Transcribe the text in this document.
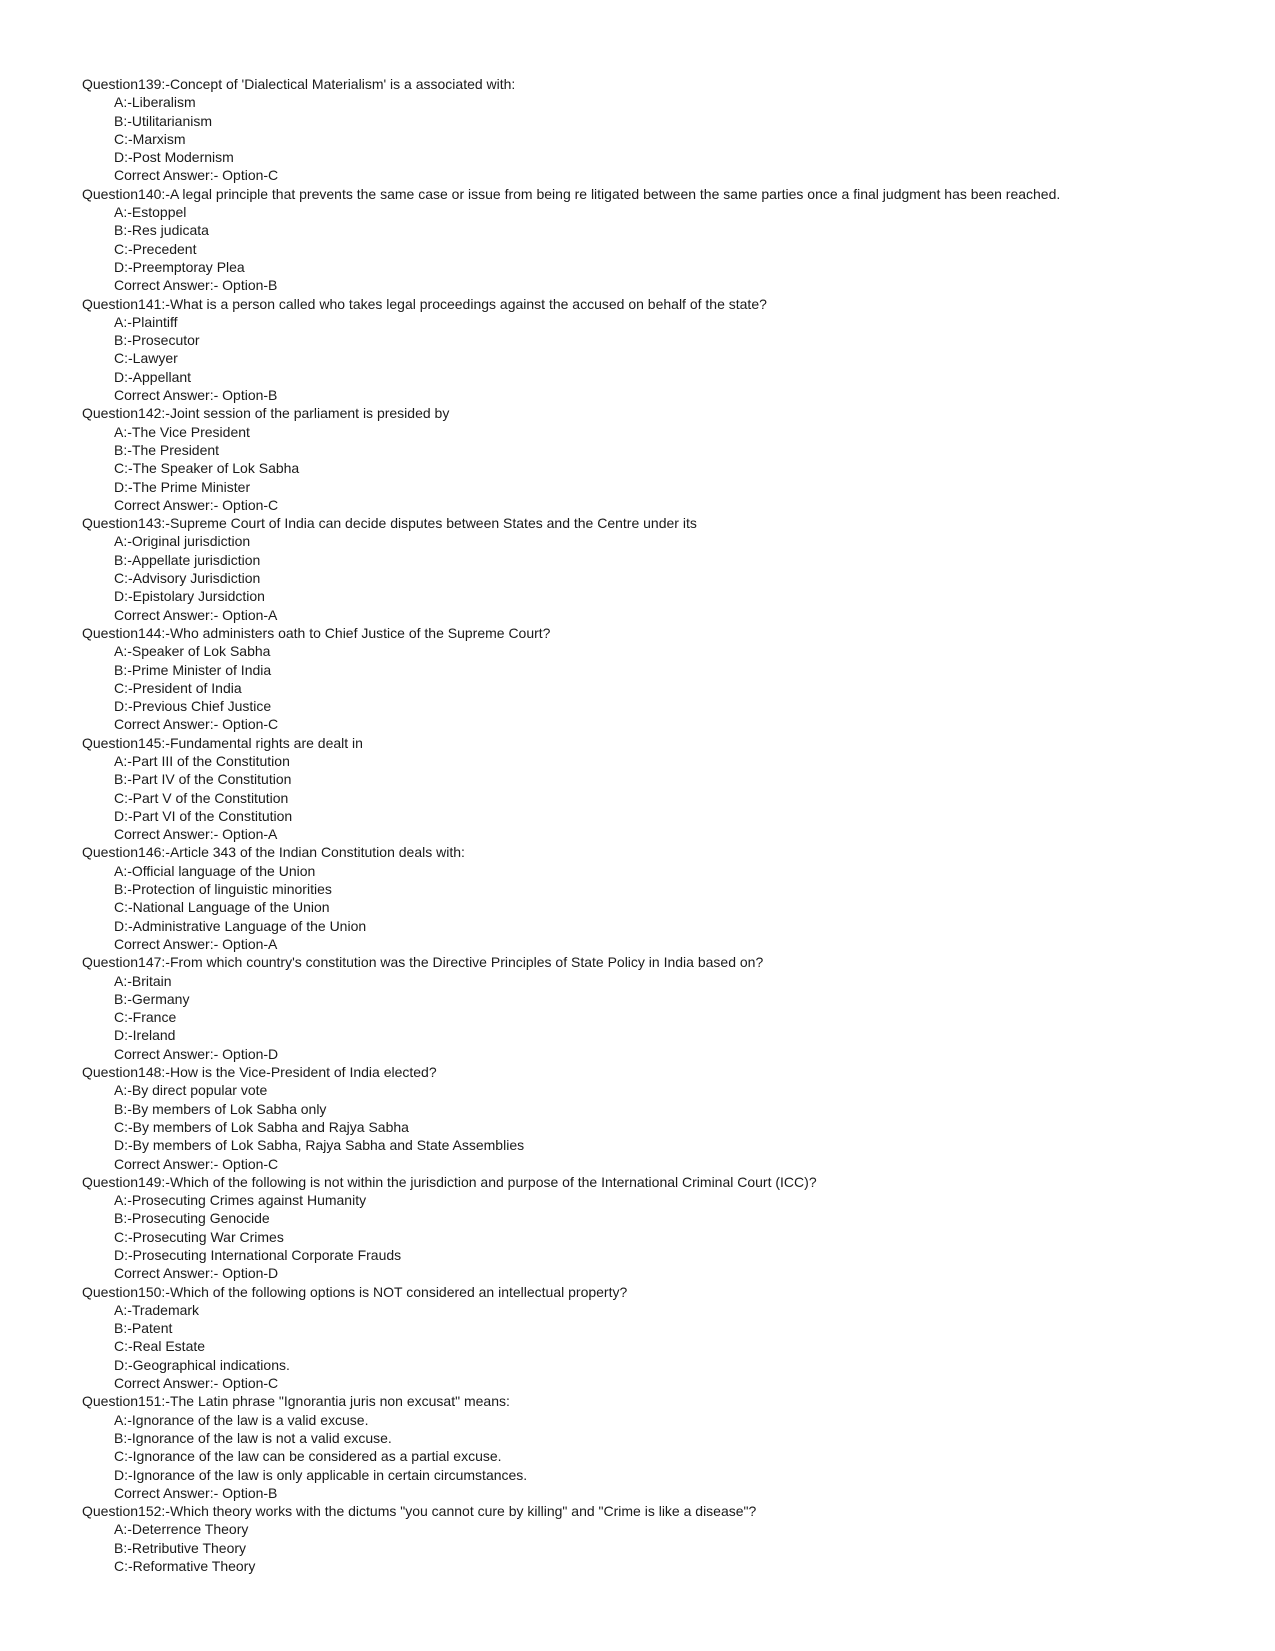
Question139:-Concept of 'Dialectical Materialism' is a associated with:
A:-Liberalism
B:-Utilitarianism
C:-Marxism
D:-Post Modernism
Correct Answer:- Option-C
Question140:-A legal principle that prevents the same case or issue from being re litigated between the same parties once a final judgment has been reached.
A:-Estoppel
B:-Res judicata
C:-Precedent
D:-Preemptoray Plea
Correct Answer:- Option-B
Question141:-What is a person called who takes legal proceedings against the accused on behalf of the state?
A:-Plaintiff
B:-Prosecutor
C:-Lawyer
D:-Appellant
Correct Answer:- Option-B
Question142:-Joint session of the parliament is presided by
A:-The Vice President
B:-The President
C:-The Speaker of Lok Sabha
D:-The Prime Minister
Correct Answer:- Option-C
Question143:-Supreme Court of India can decide disputes between States and the Centre under its
A:-Original jurisdiction
B:-Appellate jurisdiction
C:-Advisory Jurisdiction
D:-Epistolary Jursidction
Correct Answer:- Option-A
Question144:-Who administers oath to Chief Justice of the Supreme Court?
A:-Speaker of Lok Sabha
B:-Prime Minister of India
C:-President of India
D:-Previous Chief Justice
Correct Answer:- Option-C
Question145:-Fundamental rights are dealt in
A:-Part III of the Constitution
B:-Part IV of the Constitution
C:-Part V of the Constitution
D:-Part VI of the Constitution
Correct Answer:- Option-A
Question146:-Article 343 of the Indian Constitution deals with:
A:-Official language of the Union
B:-Protection of linguistic minorities
C:-National Language of the Union
D:-Administrative Language of the Union
Correct Answer:- Option-A
Question147:-From which country's constitution was the Directive Principles of State Policy in India based on?
A:-Britain
B:-Germany
C:-France
D:-Ireland
Correct Answer:- Option-D
Question148:-How is the Vice-President of India elected?
A:-By direct popular vote
B:-By members of Lok Sabha only
C:-By members of Lok Sabha and Rajya Sabha
D:-By members of Lok Sabha, Rajya Sabha and State Assemblies
Correct Answer:- Option-C
Question149:-Which of the following is not within the jurisdiction and purpose of the International Criminal Court (ICC)?
A:-Prosecuting Crimes against Humanity
B:-Prosecuting Genocide
C:-Prosecuting War Crimes
D:-Prosecuting International Corporate Frauds
Correct Answer:- Option-D
Question150:-Which of the following options is NOT considered an intellectual property?
A:-Trademark
B:-Patent
C:-Real Estate
D:-Geographical indications.
Correct Answer:- Option-C
Question151:-The Latin phrase "Ignorantia juris non excusat" means:
A:-Ignorance of the law is a valid excuse.
B:-Ignorance of the law is not a valid excuse.
C:-Ignorance of the law can be considered as a partial excuse.
D:-Ignorance of the law is only applicable in certain circumstances.
Correct Answer:- Option-B
Question152:-Which theory works with the dictums "you cannot cure by killing" and "Crime is like a disease"?
A:-Deterrence Theory
B:-Retributive Theory
C:-Reformative Theory
